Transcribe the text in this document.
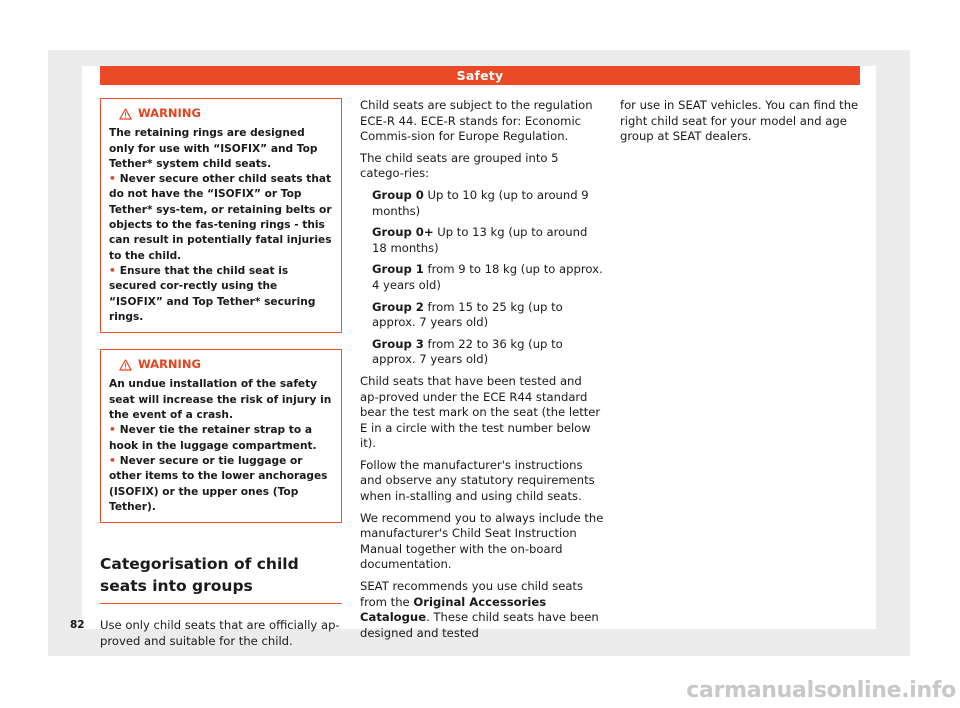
Safety
WARNING

The retaining rings are designed only for use with “ISOFIX” and Top Tether* system child seats.

• Never secure other child seats that do not have the “ISOFIX” or Top Tether* sys-tem, or retaining belts or objects to the fas-tening rings - this can result in potentially fatal injuries to the child.

• Ensure that the child seat is secured cor-rectly using the “ISOFIX” and Top Tether* securing rings.

WARNING

An undue installation of the safety seat will increase the risk of injury in the event of a crash.

• Never tie the retainer strap to a hook in the luggage compartment.

• Never secure or tie luggage or other items to the lower anchorages (ISOFIX) or the upper ones (Top Tether).

Categorisation of child seats into groups

Use only child seats that are officially ap-proved and suitable for the child.

Child seats are subject to the regulation ECE-R 44. ECE-R stands for: Economic Commis-sion for Europe Regulation.

The child seats are grouped into 5 catego-ries:

Group 0 Up to 10 kg (up to around 9 months)
Group 0+ Up to 13 kg (up to around 18 months)
Group 1 from 9 to 18 kg (up to approx. 4 years old)
Group 2 from 15 to 25 kg (up to approx. 7 years old)
Group 3 from 22 to 36 kg (up to approx. 7 years old)

Child seats that have been tested and ap-proved under the ECE R44 standard bear the test mark on the seat (the letter E in a circle with the test number below it).

Follow the manufacturer's instructions and observe any statutory requirements when in-stalling and using child seats.

We recommend you to always include the manufacturer's Child Seat Instruction Manual together with the on-board documentation.

SEAT recommends you use child seats from the Original Accessories Catalogue. These child seats have been designed and tested

for use in SEAT vehicles. You can find the right child seat for your model and age group at SEAT dealers.

82
carmanualsonline.info
